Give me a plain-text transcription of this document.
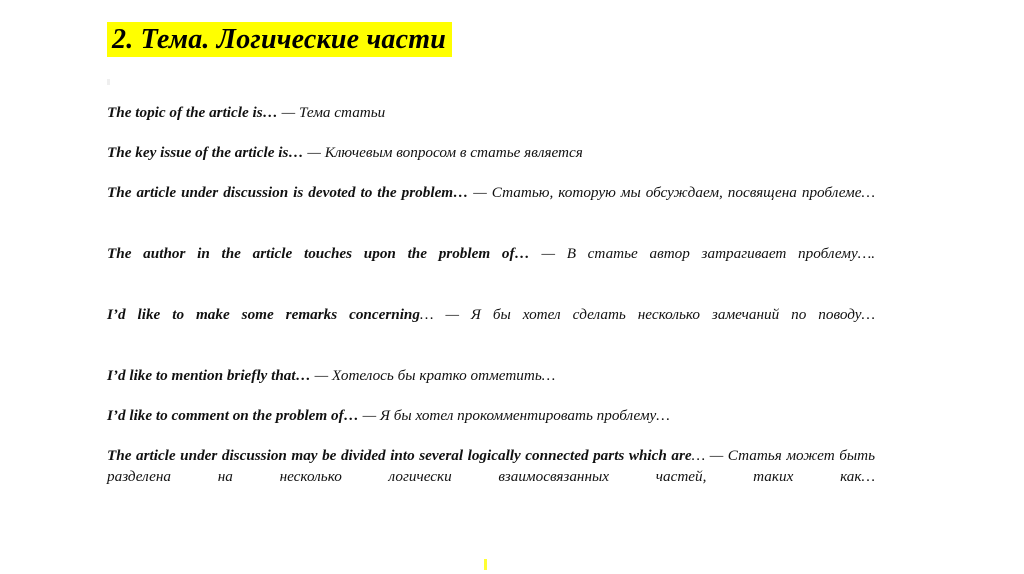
2. Тема. Логические части

The topic of the article is… — Тема статьи

The key issue of the article is… — Ключевым вопросом в статье является

The article under discussion is devoted to the problem… — Статью, которую мы обсуждаем, посвящена проблеме…

The author in the article touches upon the problem of… — В статье автор затрагивает проблему….

I’d like to make some remarks concerning… — Я бы хотел сделать несколько замечаний по поводу…

I’d like to mention briefly that… — Хотелось бы кратко отметить…

I’d like to comment on the problem of… — Я бы хотел прокомментировать проблему…

The article under discussion may be divided into several logically connected parts which are… — Статья может быть разделена на несколько логически взаимосвязанных частей, таких как…
